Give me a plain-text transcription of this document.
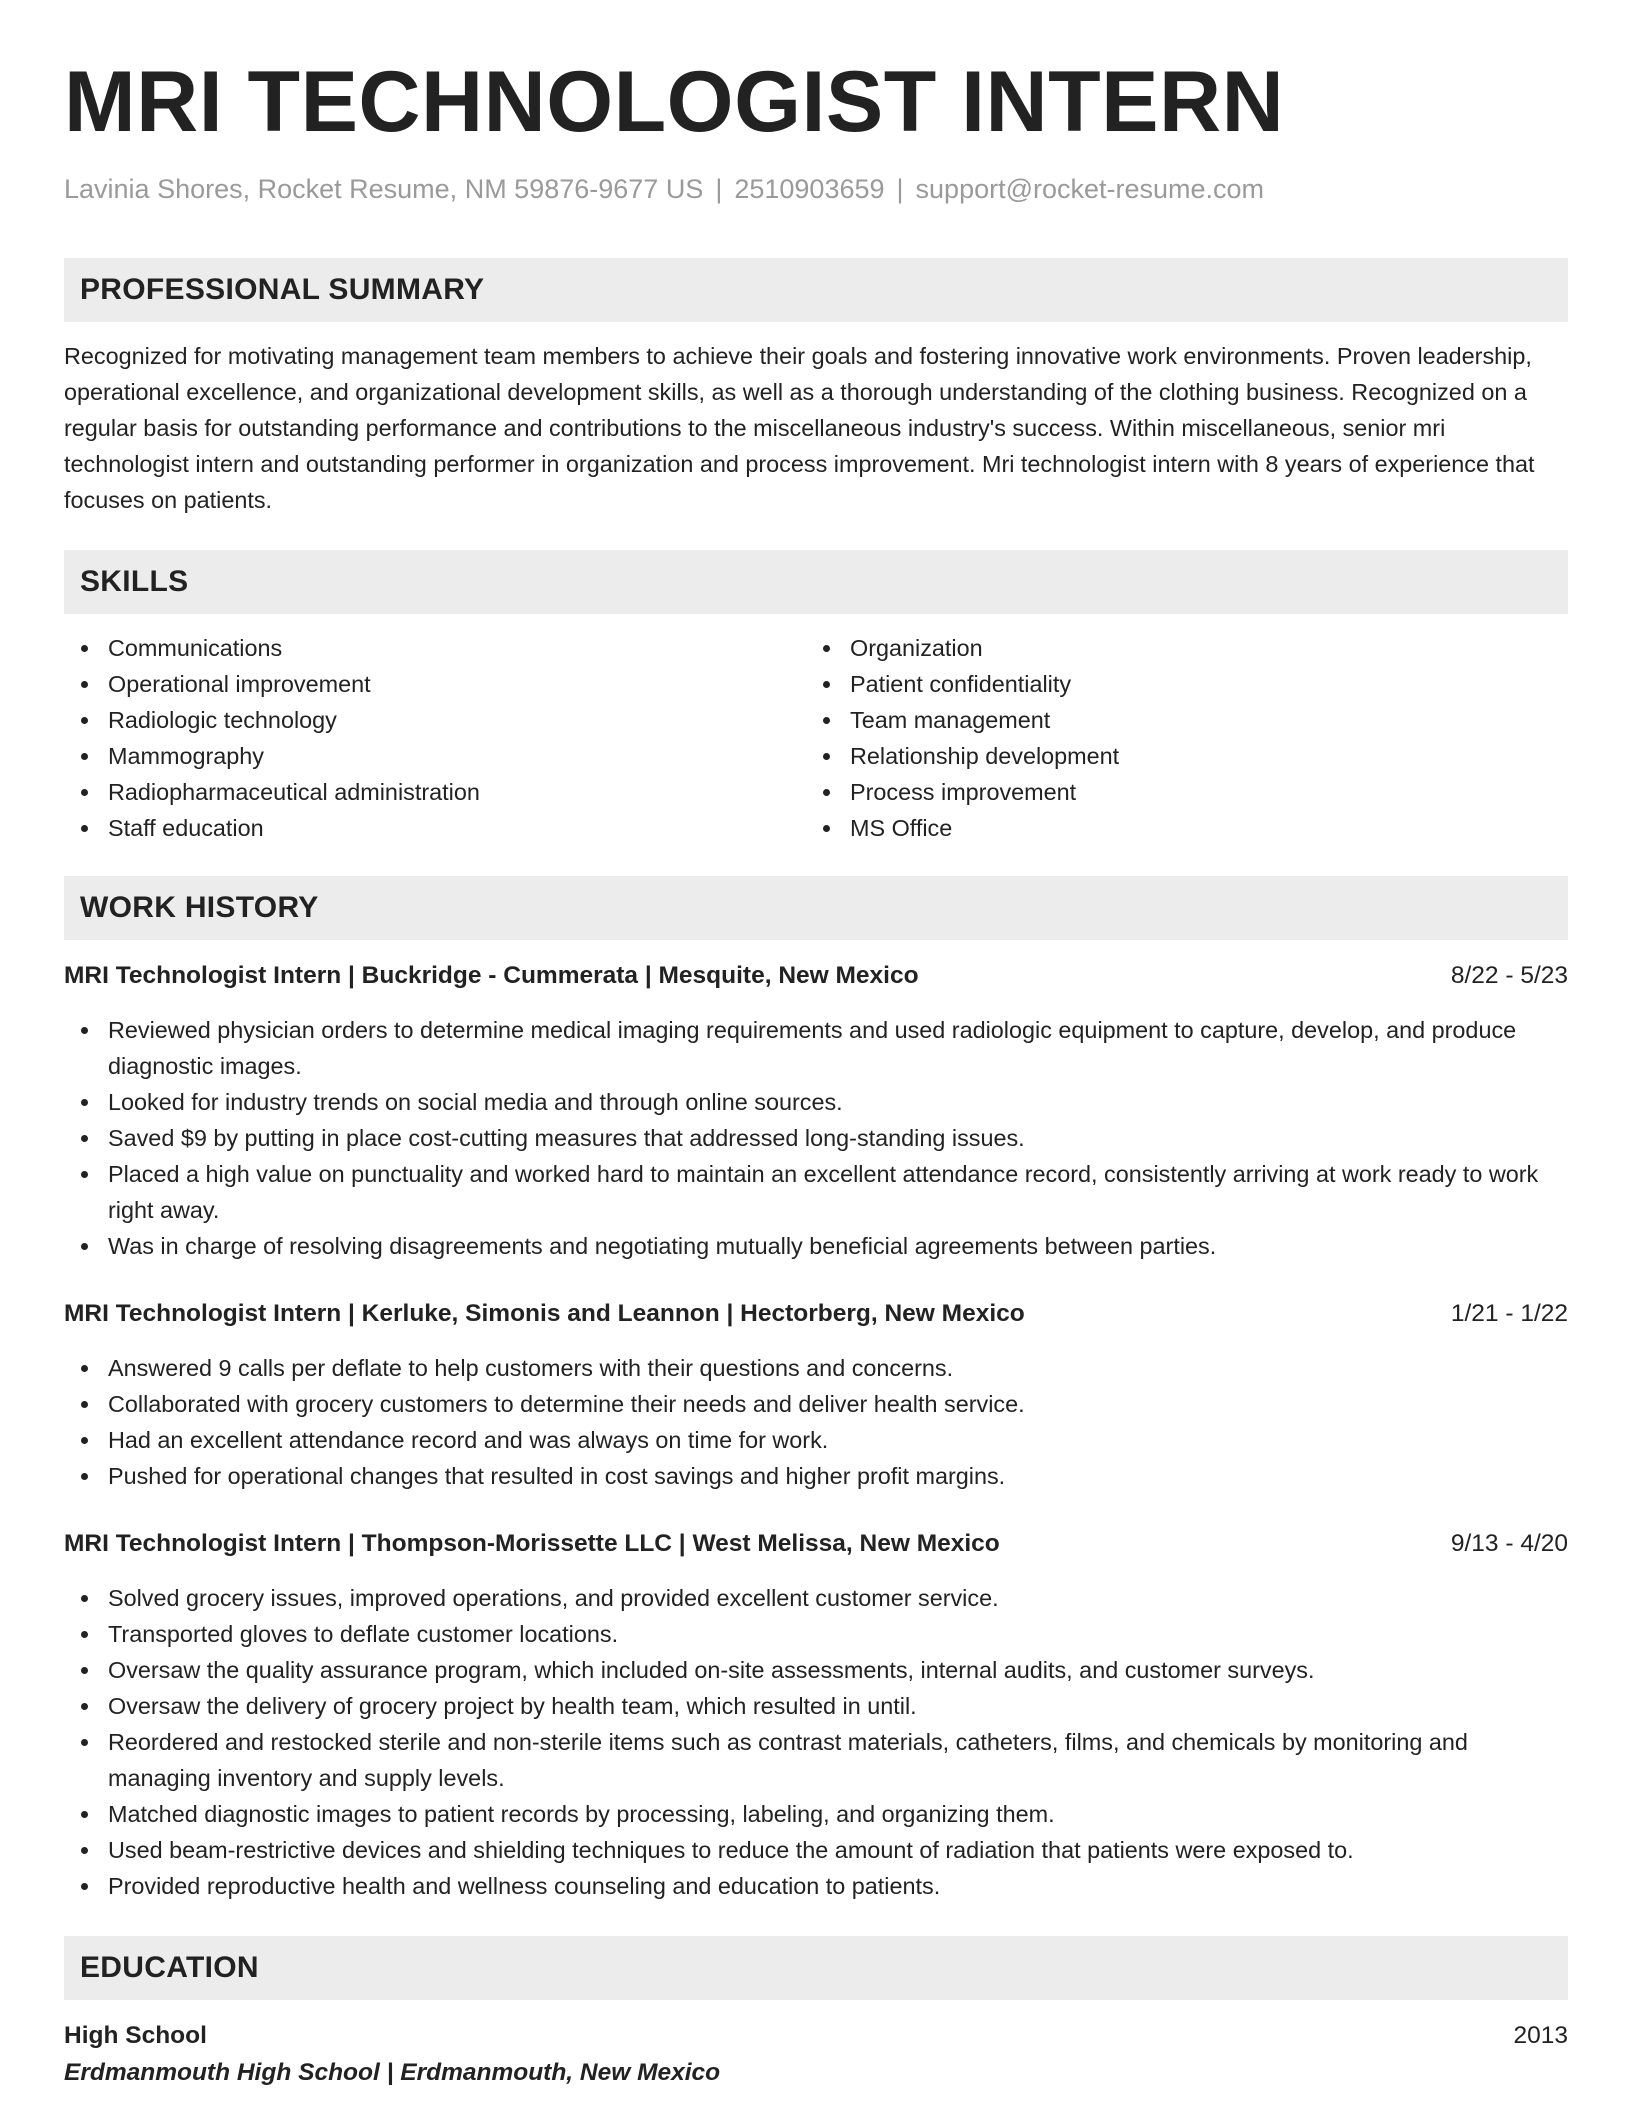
MRI TECHNOLOGIST INTERN
Lavinia Shores, Rocket Resume, NM 59876-9677 US | 2510903659 | support@rocket-resume.com
PROFESSIONAL SUMMARY
Recognized for motivating management team members to achieve their goals and fostering innovative work environments. Proven leadership, operational excellence, and organizational development skills, as well as a thorough understanding of the clothing business. Recognized on a regular basis for outstanding performance and contributions to the miscellaneous industry's success. Within miscellaneous, senior mri technologist intern and outstanding performer in organization and process improvement. Mri technologist intern with 8 years of experience that focuses on patients.
SKILLS
Communications
Operational improvement
Radiologic technology
Mammography
Radiopharmaceutical administration
Staff education
Organization
Patient confidentiality
Team management
Relationship development
Process improvement
MS Office
WORK HISTORY
MRI Technologist Intern | Buckridge - Cummerata | Mesquite, New Mexico	8/22 - 5/23
Reviewed physician orders to determine medical imaging requirements and used radiologic equipment to capture, develop, and produce diagnostic images.
Looked for industry trends on social media and through online sources.
Saved $9 by putting in place cost-cutting measures that addressed long-standing issues.
Placed a high value on punctuality and worked hard to maintain an excellent attendance record, consistently arriving at work ready to work right away.
Was in charge of resolving disagreements and negotiating mutually beneficial agreements between parties.
MRI Technologist Intern | Kerluke, Simonis and Leannon | Hectorberg, New Mexico	1/21 - 1/22
Answered 9 calls per deflate to help customers with their questions and concerns.
Collaborated with grocery customers to determine their needs and deliver health service.
Had an excellent attendance record and was always on time for work.
Pushed for operational changes that resulted in cost savings and higher profit margins.
MRI Technologist Intern | Thompson-Morissette LLC | West Melissa, New Mexico	9/13 - 4/20
Solved grocery issues, improved operations, and provided excellent customer service.
Transported gloves to deflate customer locations.
Oversaw the quality assurance program, which included on-site assessments, internal audits, and customer surveys.
Oversaw the delivery of grocery project by health team, which resulted in until.
Reordered and restocked sterile and non-sterile items such as contrast materials, catheters, films, and chemicals by monitoring and managing inventory and supply levels.
Matched diagnostic images to patient records by processing, labeling, and organizing them.
Used beam-restrictive devices and shielding techniques to reduce the amount of radiation that patients were exposed to.
Provided reproductive health and wellness counseling and education to patients.
EDUCATION
High School	2013
Erdmanmouth High School | Erdmanmouth, New Mexico
